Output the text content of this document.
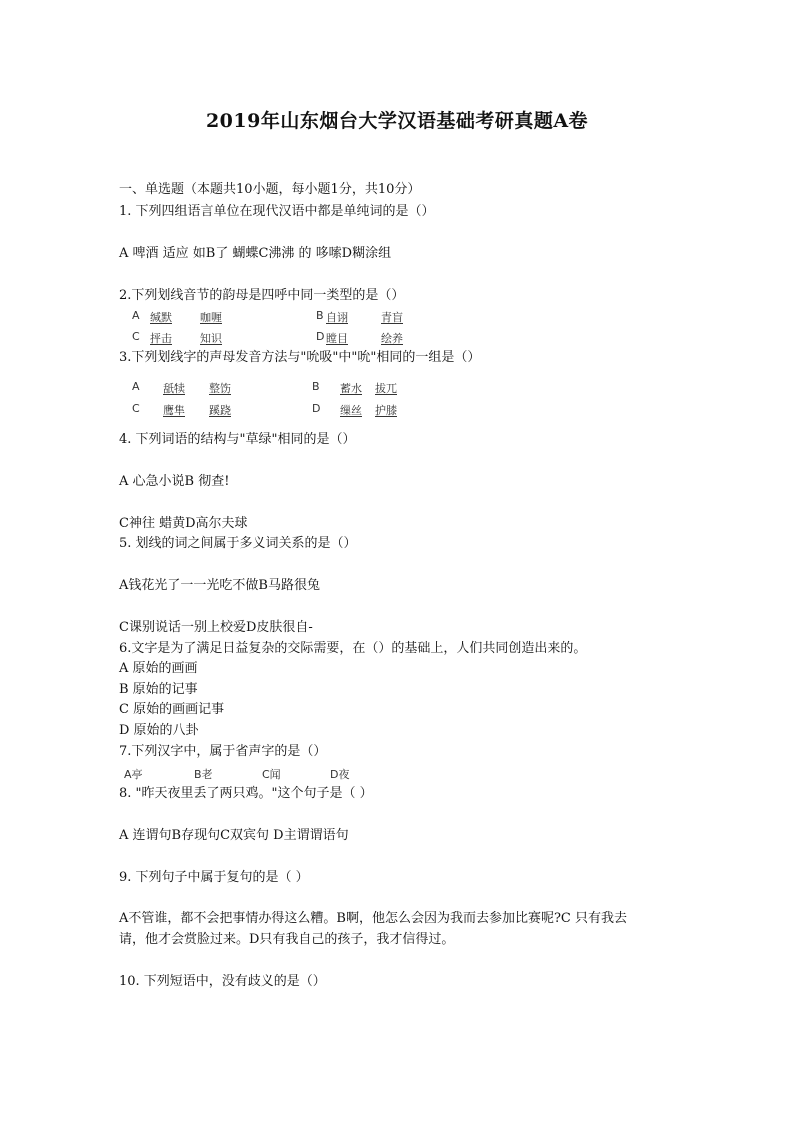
2019年山东烟台大学汉语基础考研真题A卷
一、单选题（本题共10小题，每小题1分，共10分）
1. 下列四组语言单位在现代汉语中都是单纯词的是（）
A 啤酒 适应 如B了 蝴蝶C沸沸 的 哆嗦D糊涂组
2.下列划线音节的韵母是四呼中同一类型的是（）
A 缄默	咖喱	B 自诩	青盲
C 抨击	知识	D 瞠目	绘养
3.下列划线字的声母发音方法与"吮吸"中"吮"相同的一组是（）
A 舐犊 整饬	B 蓄水 拔兀
C 鹰隼 蹊跷	D 缫丝 护膝
4. 下列词语的结构与"草绿"相同的是（）
A 心急小说B 彻查!
C神往 蜡黄D高尔夫球
5. 划线的词之间属于多义词关系的是（）
A钱花光了一一光吃不做B马路很兔
C课别说话一别上校爱D皮肤很自-
6.文字是为了满足日益复杂的交际需要，在（）的基础上，人们共同创造出来的。
A 原始的画画
B 原始的记事
C 原始的画画记事
D 原始的八卦
7.下列汉字中，属于省声字的是（）
A亭	B老	C闻	D夜
8. "昨天夜里丢了两只鸡。"这个句子是（ ）
A 连谓句B存现句C双宾句 D主谓谓语句
9. 下列句子中属于复句的是（ ）
A不管谁，都不会把事情办得这么糟。B啊，他怎么会因为我而去参加比赛呢?C 只有我去
请，他才会赏脸过来。D只有我自己的孩子，我才信得过。
10. 下列短语中，没有歧义的是（）
